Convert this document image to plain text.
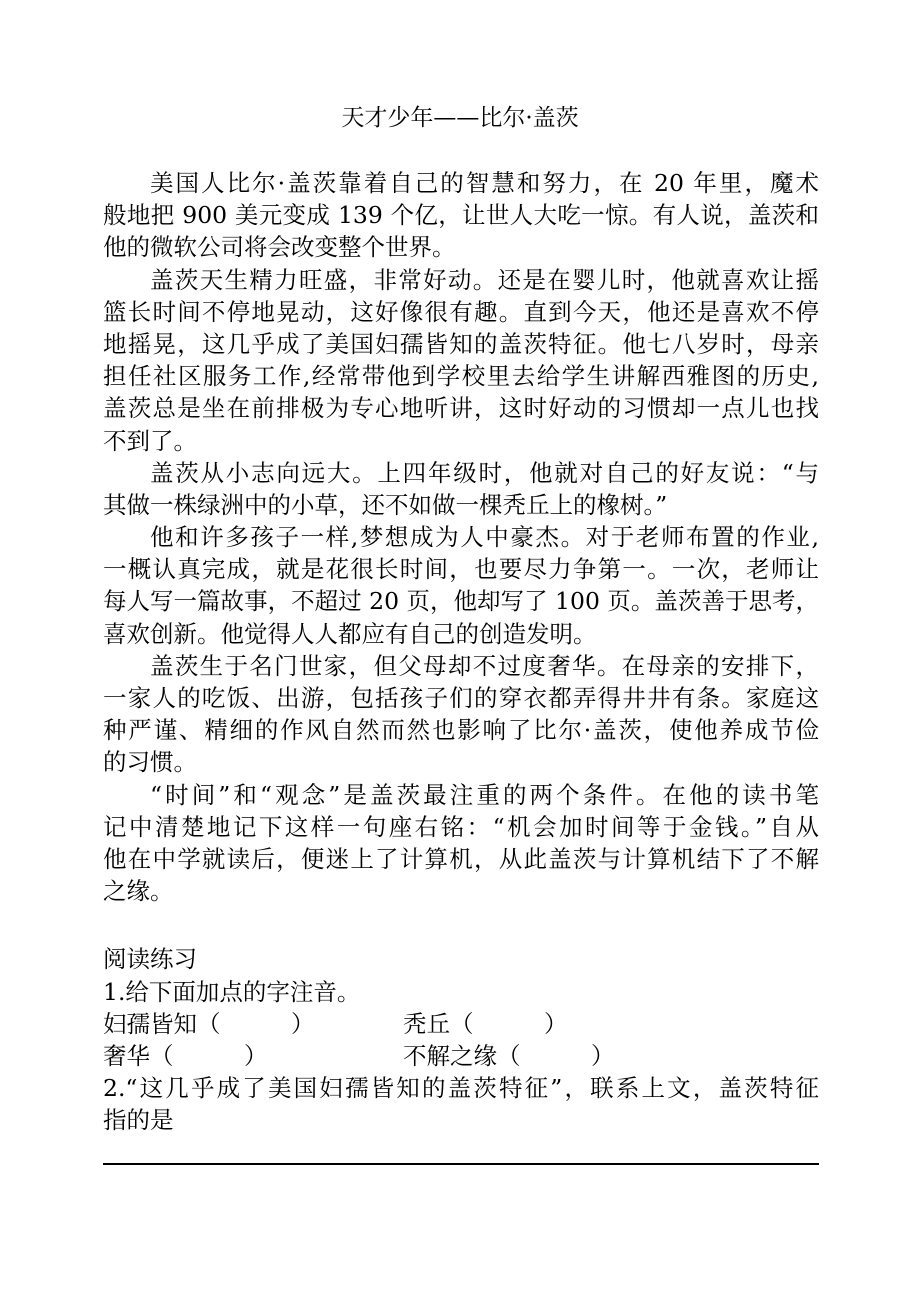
天才少年——比尔·盖茨
美国人比尔·盖茨靠着自己的智慧和努力，在 20 年里，魔术
般地把 900 美元变成 139 个亿，让世人大吃一惊。有人说，盖茨和
他的微软公司将会改变整个世界。
盖茨天生精力旺盛，非常好动。还是在婴儿时，他就喜欢让摇
篮长时间不停地晃动，这好像很有趣。直到今天，他还是喜欢不停
地摇晃，这几乎成了美国妇孺皆知的盖茨特征。他七八岁时，母亲
担任社区服务工作,经常带他到学校里去给学生讲解西雅图的历史,
盖茨总是坐在前排极为专心地听讲，这时好动的习惯却一点儿也找
不到了。
盖茨从小志向远大。上四年级时，他就对自己的好友说：“与
其做一株绿洲中的小草，还不如做一棵秃丘上的橡树。”
他和许多孩子一样,梦想成为人中豪杰。对于老师布置的作业,
一概认真完成，就是花很长时间，也要尽力争第一。一次，老师让
每人写一篇故事，不超过 20 页，他却写了 100 页。盖茨善于思考，
喜欢创新。他觉得人人都应有自己的创造发明。
盖茨生于名门世家，但父母却不过度奢华。在母亲的安排下，
一家人的吃饭、出游，包括孩子们的穿衣都弄得井井有条。家庭这
种严谨、精细的作风自然而然也影响了比尔·盖茨，使他养成节俭
的习惯。
“时间”和“观念”是盖茨最注重的两个条件。在他的读书笔
记中清楚地记下这样一句座右铭：“机会加时间等于金钱。”自从
他在中学就读后，便迷上了计算机，从此盖茨与计算机结下了不解
之缘。
阅读练习
1.给下面加点的字注音。
妇孺皆知（　　　）	秃丘（　　　）
奢华（　　　）	不解之缘（　　　）
2.“这几乎成了美国妇孺皆知的盖茨特征”，联系上文，盖茨特征
指的是
